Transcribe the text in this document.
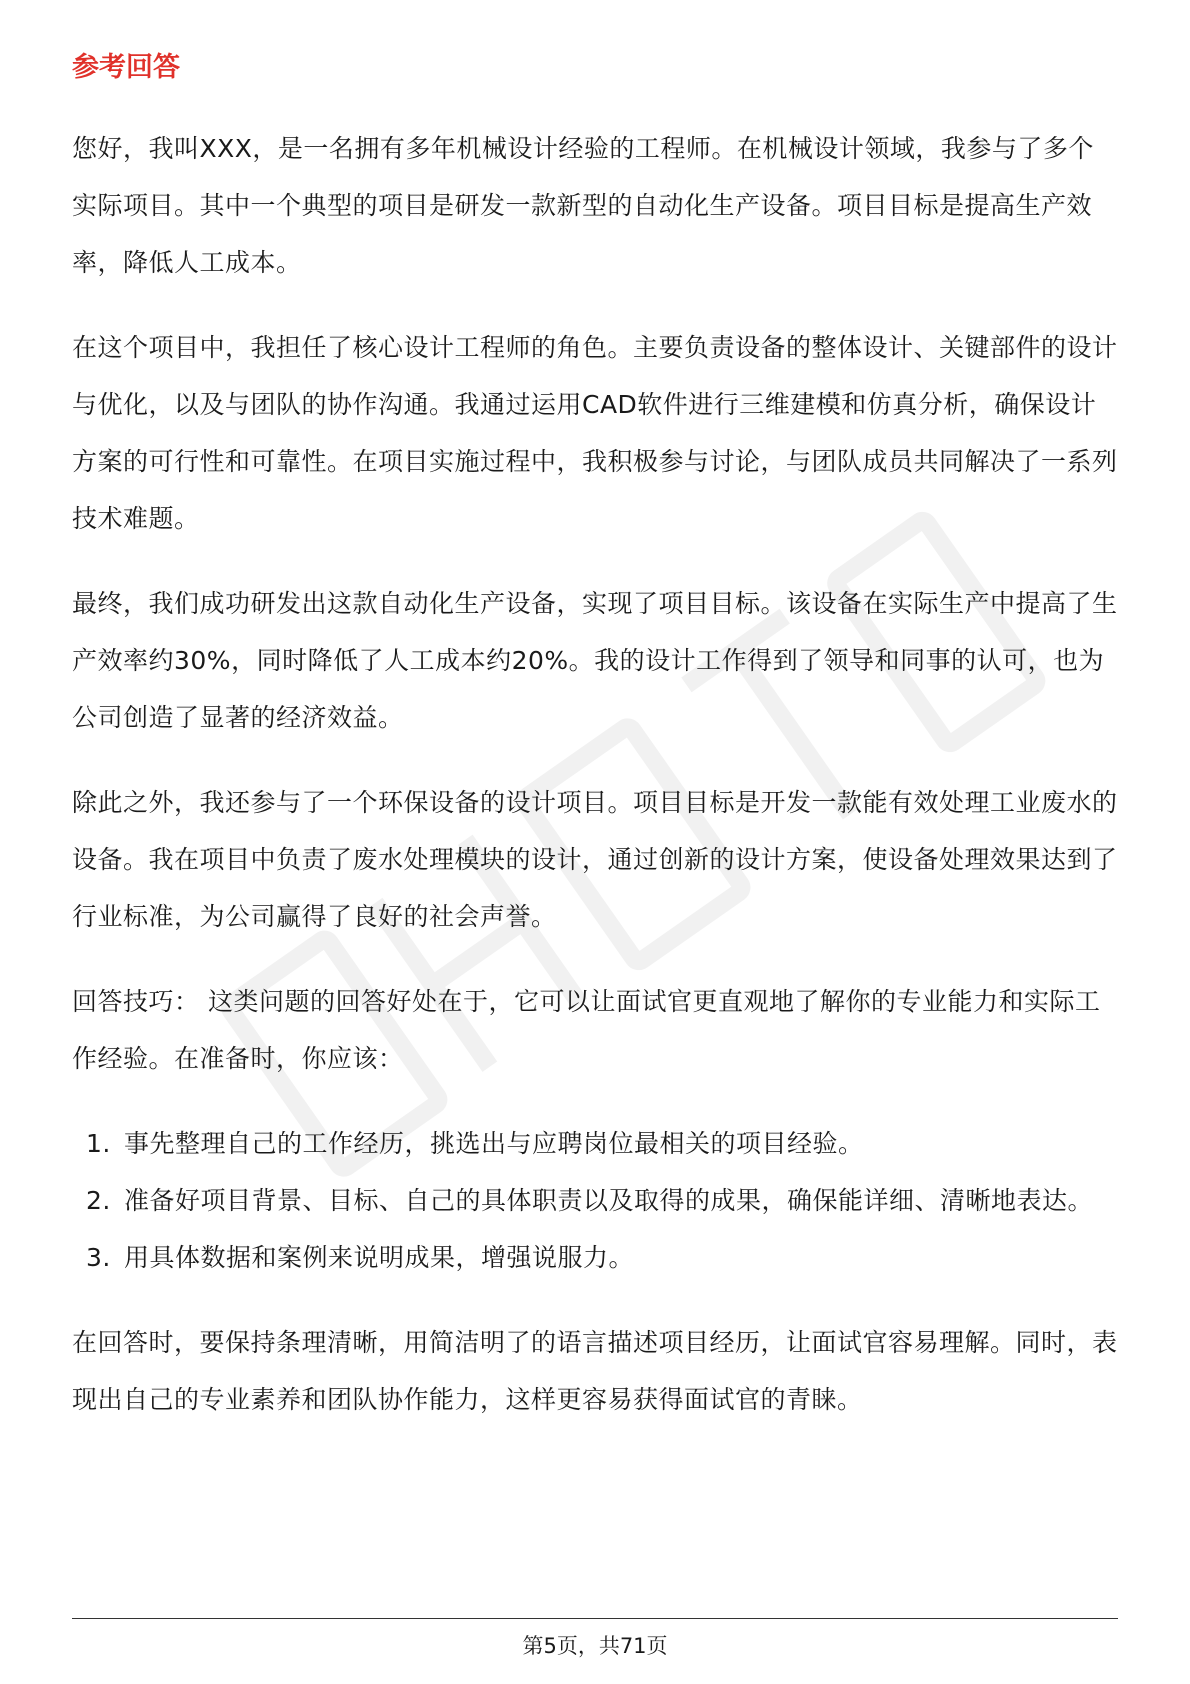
参考回答

您好，我叫XXX，是一名拥有多年机械设计经验的工程师。在机械设计领域，我参与了多个实际项目。其中一个典型的项目是研发一款新型的自动化生产设备。项目目标是提高生产效率，降低人工成本。

在这个项目中，我担任了核心设计工程师的角色。主要负责设备的整体设计、关键部件的设计与优化，以及与团队的协作沟通。我通过运用CAD软件进行三维建模和仿真分析，确保设计方案的可行性和可靠性。在项目实施过程中，我积极参与讨论，与团队成员共同解决了一系列技术难题。

最终，我们成功研发出这款自动化生产设备，实现了项目目标。该设备在实际生产中提高了生产效率约30%，同时降低了人工成本约20%。我的设计工作得到了领导和同事的认可，也为公司创造了显著的经济效益。

除此之外，我还参与了一个环保设备的设计项目。项目目标是开发一款能有效处理工业废水的设备。我在项目中负责了废水处理模块的设计，通过创新的设计方案，使设备处理效果达到了行业标准，为公司赢得了良好的社会声誉。

回答技巧： 这类问题的回答好处在于，它可以让面试官更直观地了解你的专业能力和实际工作经验。在准备时，你应该：

1. 事先整理自己的工作经历，挑选出与应聘岗位最相关的项目经验。
2. 准备好项目背景、目标、自己的具体职责以及取得的成果，确保能详细、清晰地表达。
3. 用具体数据和案例来说明成果，增强说服力。

在回答时，要保持条理清晰，用简洁明了的语言描述项目经历，让面试官容易理解。同时，表现出自己的专业素养和团队协作能力，这样更容易获得面试官的青睐。

第5页，共71页
